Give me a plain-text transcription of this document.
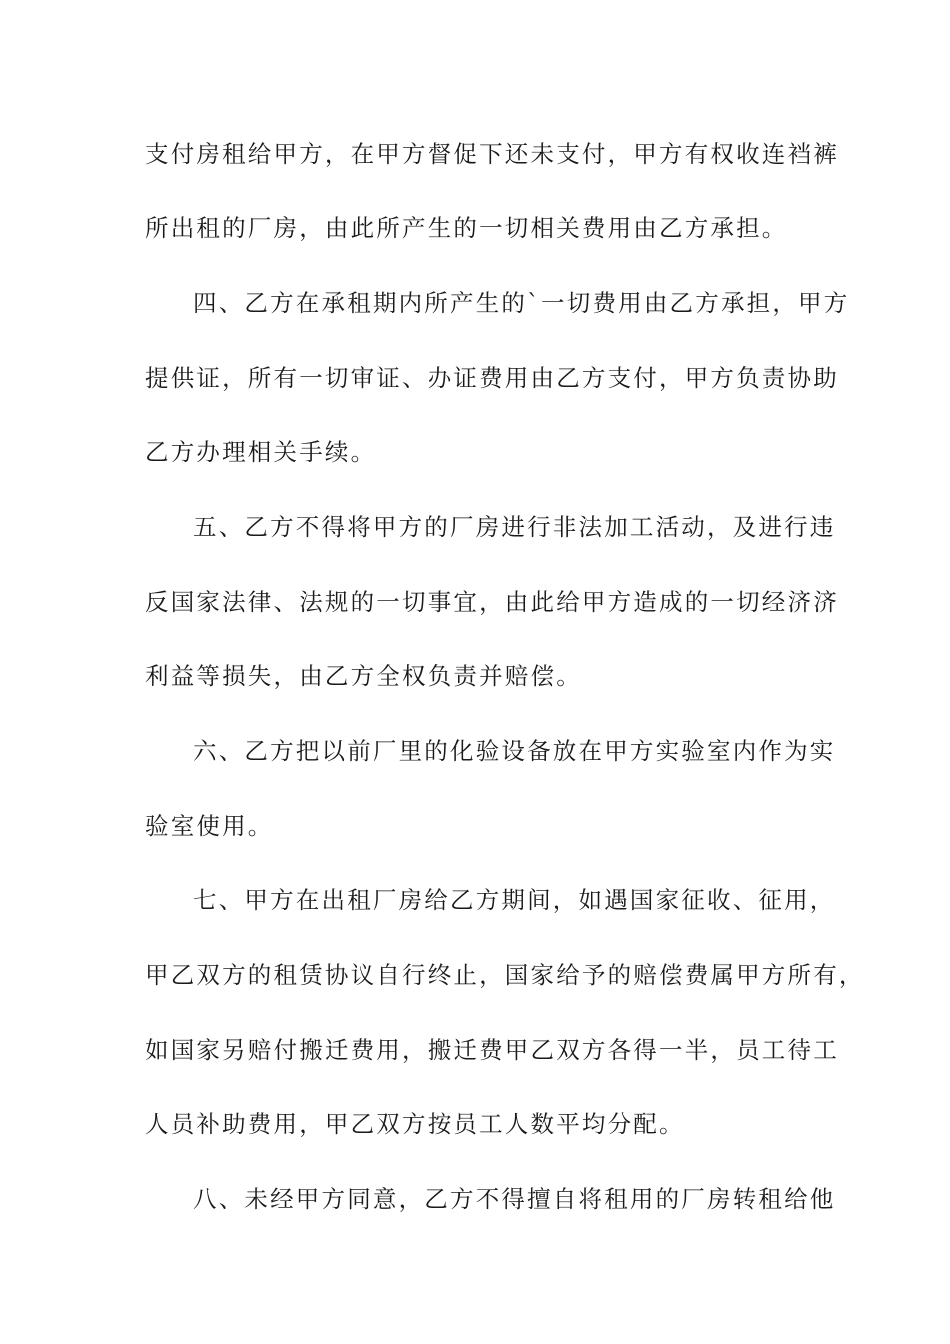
支付房租给甲方，在甲方督促下还未支付，甲方有权收连裆裤
所出租的厂房，由此所产生的一切相关费用由乙方承担。
四、乙方在承租期内所产生的`一切费用由乙方承担，甲方
提供证，所有一切审证、办证费用由乙方支付，甲方负责协助
乙方办理相关手续。
五、乙方不得将甲方的厂房进行非法加工活动，及进行违
反国家法律、法规的一切事宜，由此给甲方造成的一切经济济
利益等损失，由乙方全权负责并赔偿。
六、乙方把以前厂里的化验设备放在甲方实验室内作为实
验室使用。
七、甲方在出租厂房给乙方期间，如遇国家征收、征用，
甲乙双方的租赁协议自行终止，国家给予的赔偿费属甲方所有，
如国家另赔付搬迁费用，搬迁费甲乙双方各得一半，员工待工
人员补助费用，甲乙双方按员工人数平均分配。
八、未经甲方同意，乙方不得擅自将租用的厂房转租给他
